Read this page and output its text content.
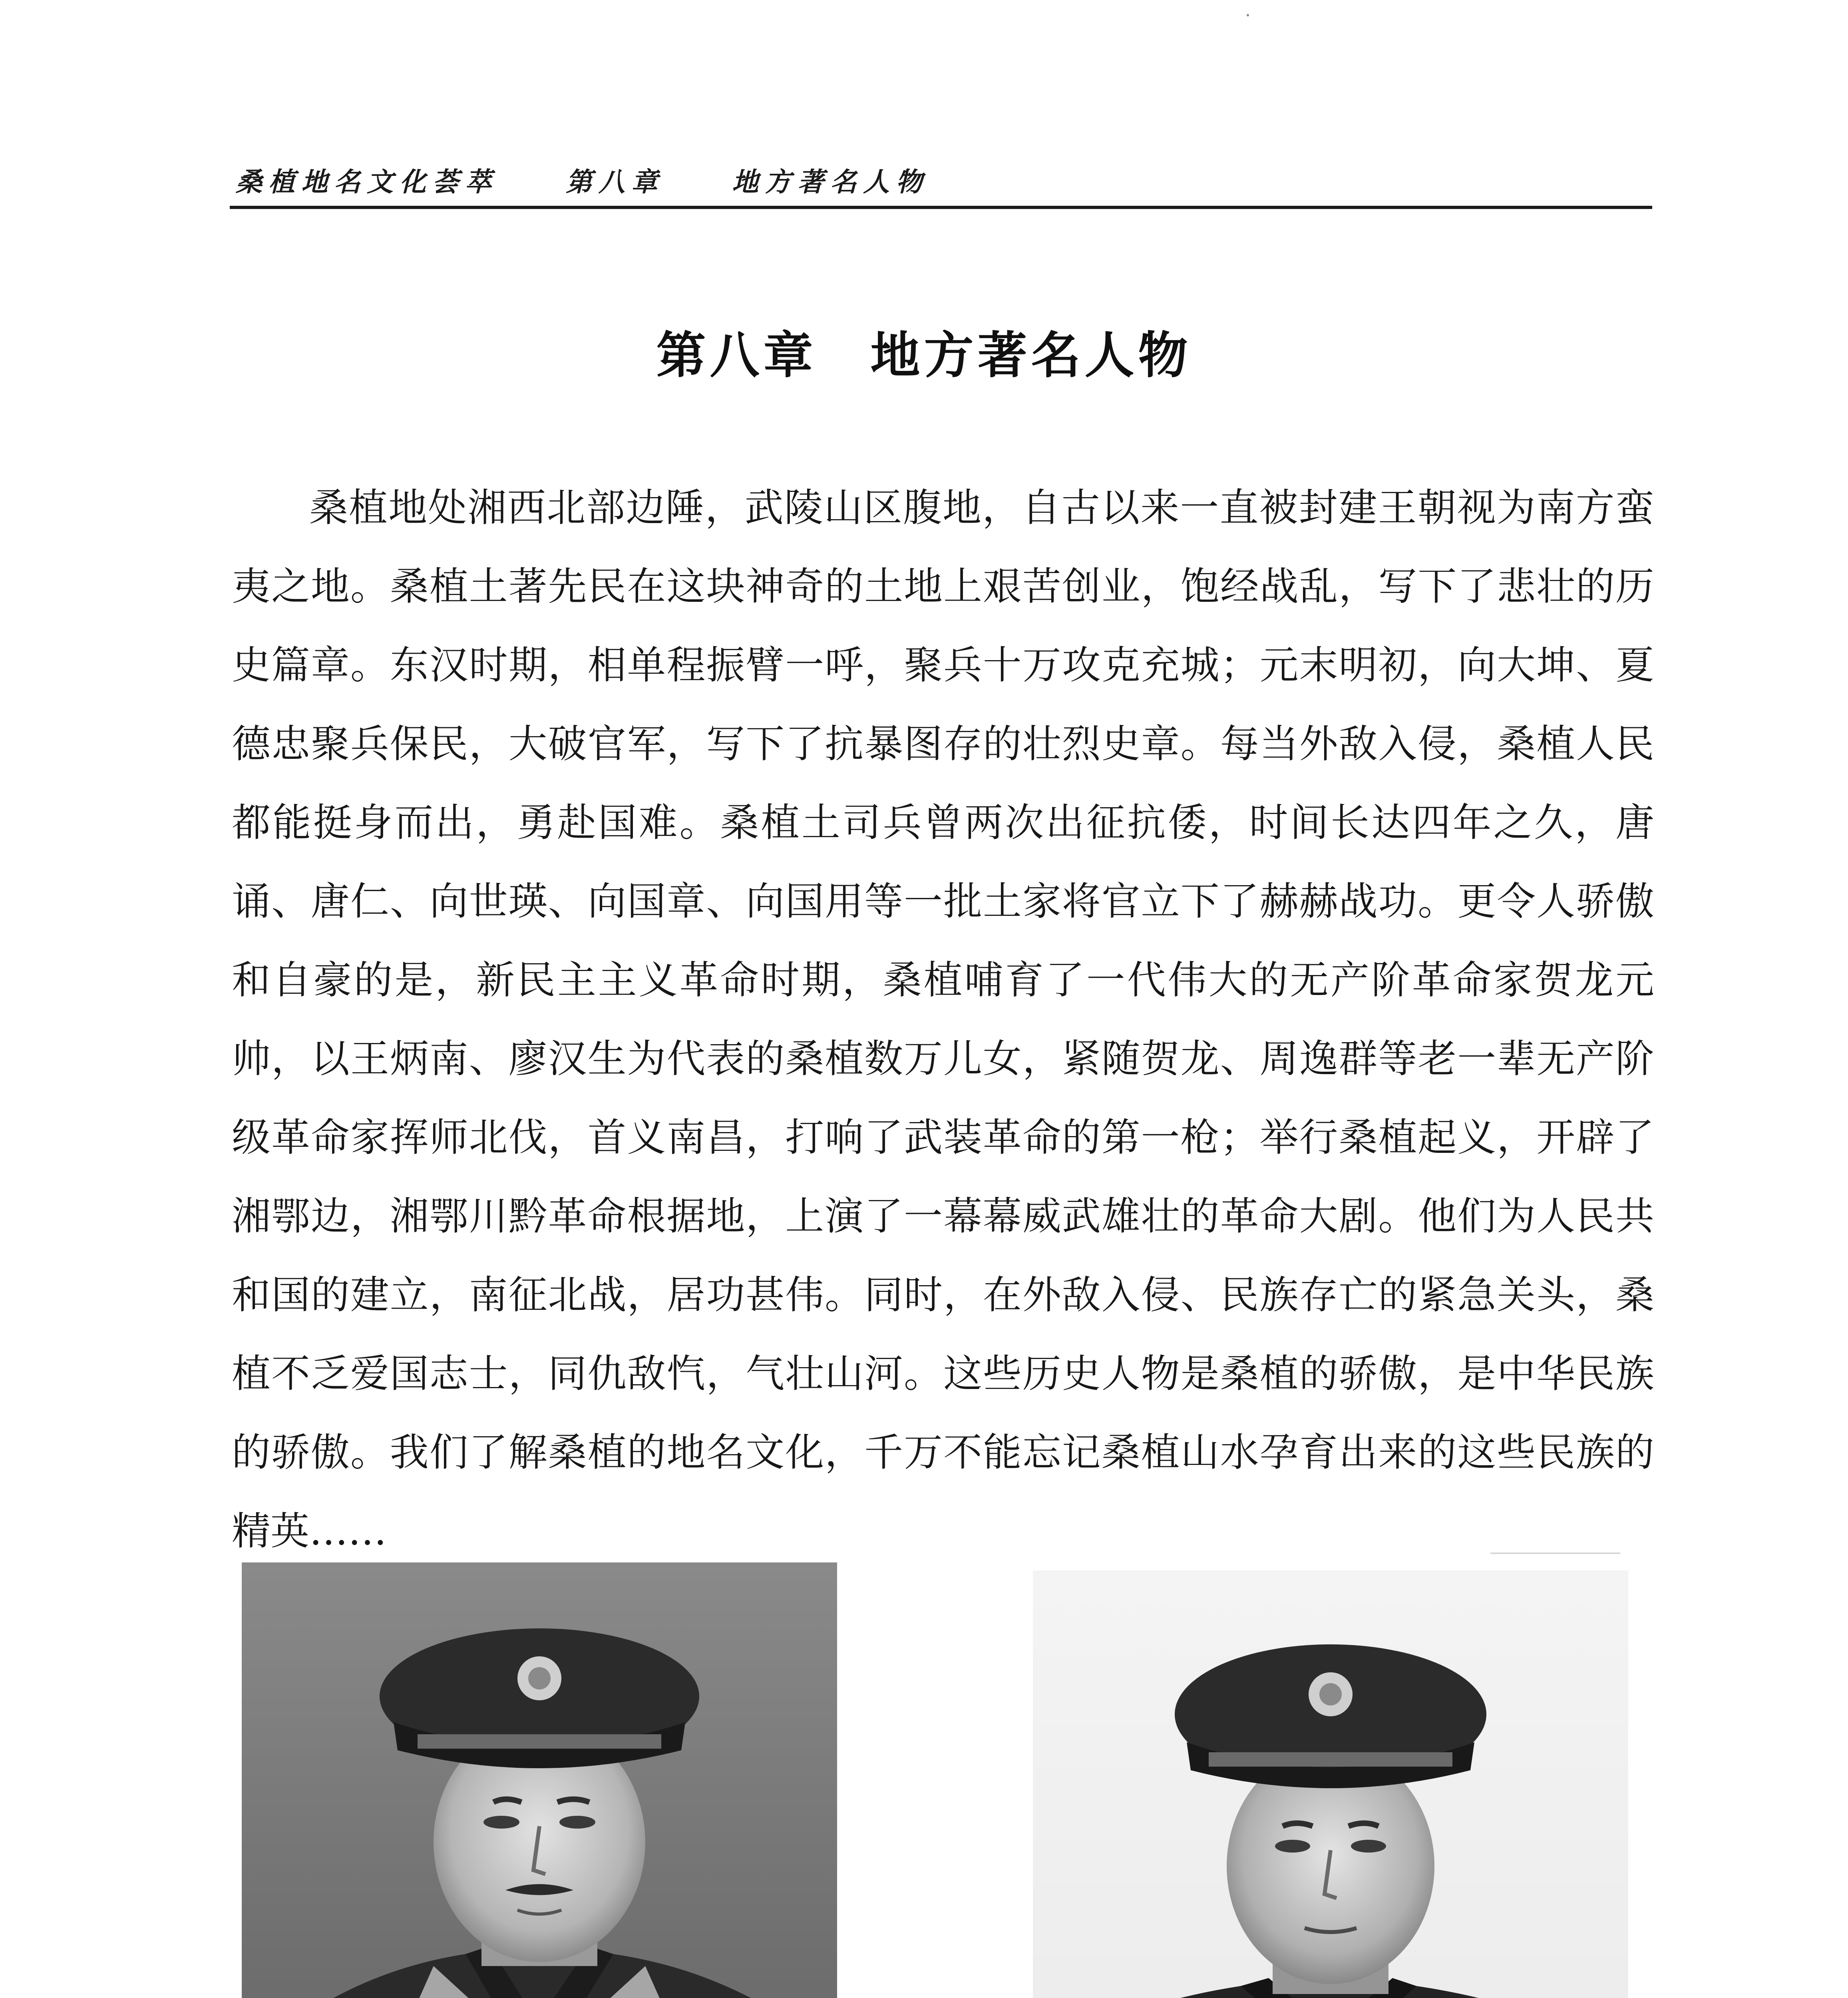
桑植地名文化荟萃	第八章	地方著名人物
第八章　地方著名人物

桑植地处湘西北部边陲，武陵山区腹地，自古以来一直被封建王朝视为南方蛮夷之地。桑植土著先民在这块神奇的土地上艰苦创业，饱经战乱，写下了悲壮的历史篇章。东汉时期，相单程振臂一呼，聚兵十万攻克充城；元末明初，向大坤、夏德忠聚兵保民，大破官军，写下了抗暴图存的壮烈史章。每当外敌入侵，桑植人民都能挺身而出，勇赴国难。桑植土司兵曾两次出征抗倭，时间长达四年之久，唐诵、唐仁、向世瑛、向国章、向国用等一批土家将官立下了赫赫战功。更令人骄傲和自豪的是，新民主主义革命时期，桑植哺育了一代伟大的无产阶革命家贺龙元帅，以王炳南、廖汉生为代表的桑植数万儿女，紧随贺龙、周逸群等老一辈无产阶级革命家挥师北伐，首义南昌，打响了武装革命的第一枪；举行桑植起义，开辟了湘鄂边，湘鄂川黔革命根据地，上演了一幕幕威武雄壮的革命大剧。他们为人民共和国的建立，南征北战，居功甚伟。同时，在外敌入侵、民族存亡的紧急关头，桑植不乏爱国志士，同仇敌忾，气壮山河。这些历史人物是桑植的骄傲，是中华民族的骄傲。我们了解桑植的地名文化，千万不能忘记桑植山水孕育出来的这些民族的精英……
